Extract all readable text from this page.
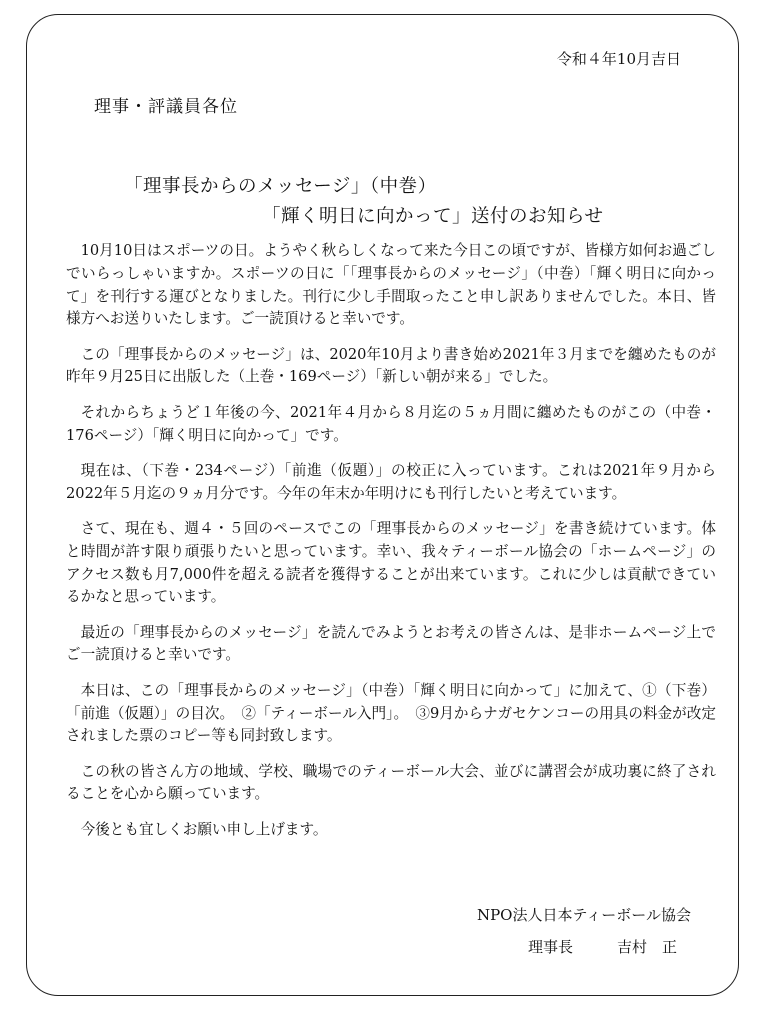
令和４年10月吉日
理事・評議員各位
「理事長からのメッセージ」（中巻）
「輝く明日に向かって」送付のお知らせ

10月10日はスポーツの日。ようやく秋らしくなって来た今日この頃ですが、皆様方如何お過ごしでいらっしゃいますか。スポーツの日に「「理事長からのメッセージ」（中巻）「輝く明日に向かって」を刊行する運びとなりました。刊行に少し手間取ったこと申し訳ありませんでした。本日、皆様方へお送りいたします。ご一読頂けると幸いです。

この「理事長からのメッセージ」は、2020年10月より書き始め2021年３月までを纏めたものが昨年９月25日に出版した（上巻・169ページ）「新しい朝が来る」でした。

それからちょうど１年後の今、2021年４月から８月迄の５ヵ月間に纏めたものがこの（中巻・176ページ）「輝く明日に向かって」です。

現在は、（下巻・234ページ）「前進（仮題）」の校正に入っています。これは2021年９月から2022年５月迄の９ヵ月分です。今年の年末か年明けにも刊行したいと考えています。

さて、現在も、週４・５回のペースでこの「理事長からのメッセージ」を書き続けています。体と時間が許す限り頑張りたいと思っています。幸い、我々ティーボール協会の「ホームページ」のアクセス数も月7,000件を超える読者を獲得することが出来ています。これに少しは貢献できているかなと思っています。

最近の「理事長からのメッセージ」を読んでみようとお考えの皆さんは、是非ホームページ上でご一読頂けると幸いです。

本日は、この「理事長からのメッセージ」（中巻）「輝く明日に向かって」に加えて、①（下巻）「前進（仮題）」の目次。　②「ティーボール入門」。　③9月からナガセケンコーの用具の料金が改定されました票のコピー等も同封致します。

この秋の皆さん方の地域、学校、職場でのティーボール大会、並びに講習会が成功裏に終了されることを心から願っています。

今後とも宜しくお願い申し上げます。

NPO法人日本ティーボール協会
理事長	吉村　正
